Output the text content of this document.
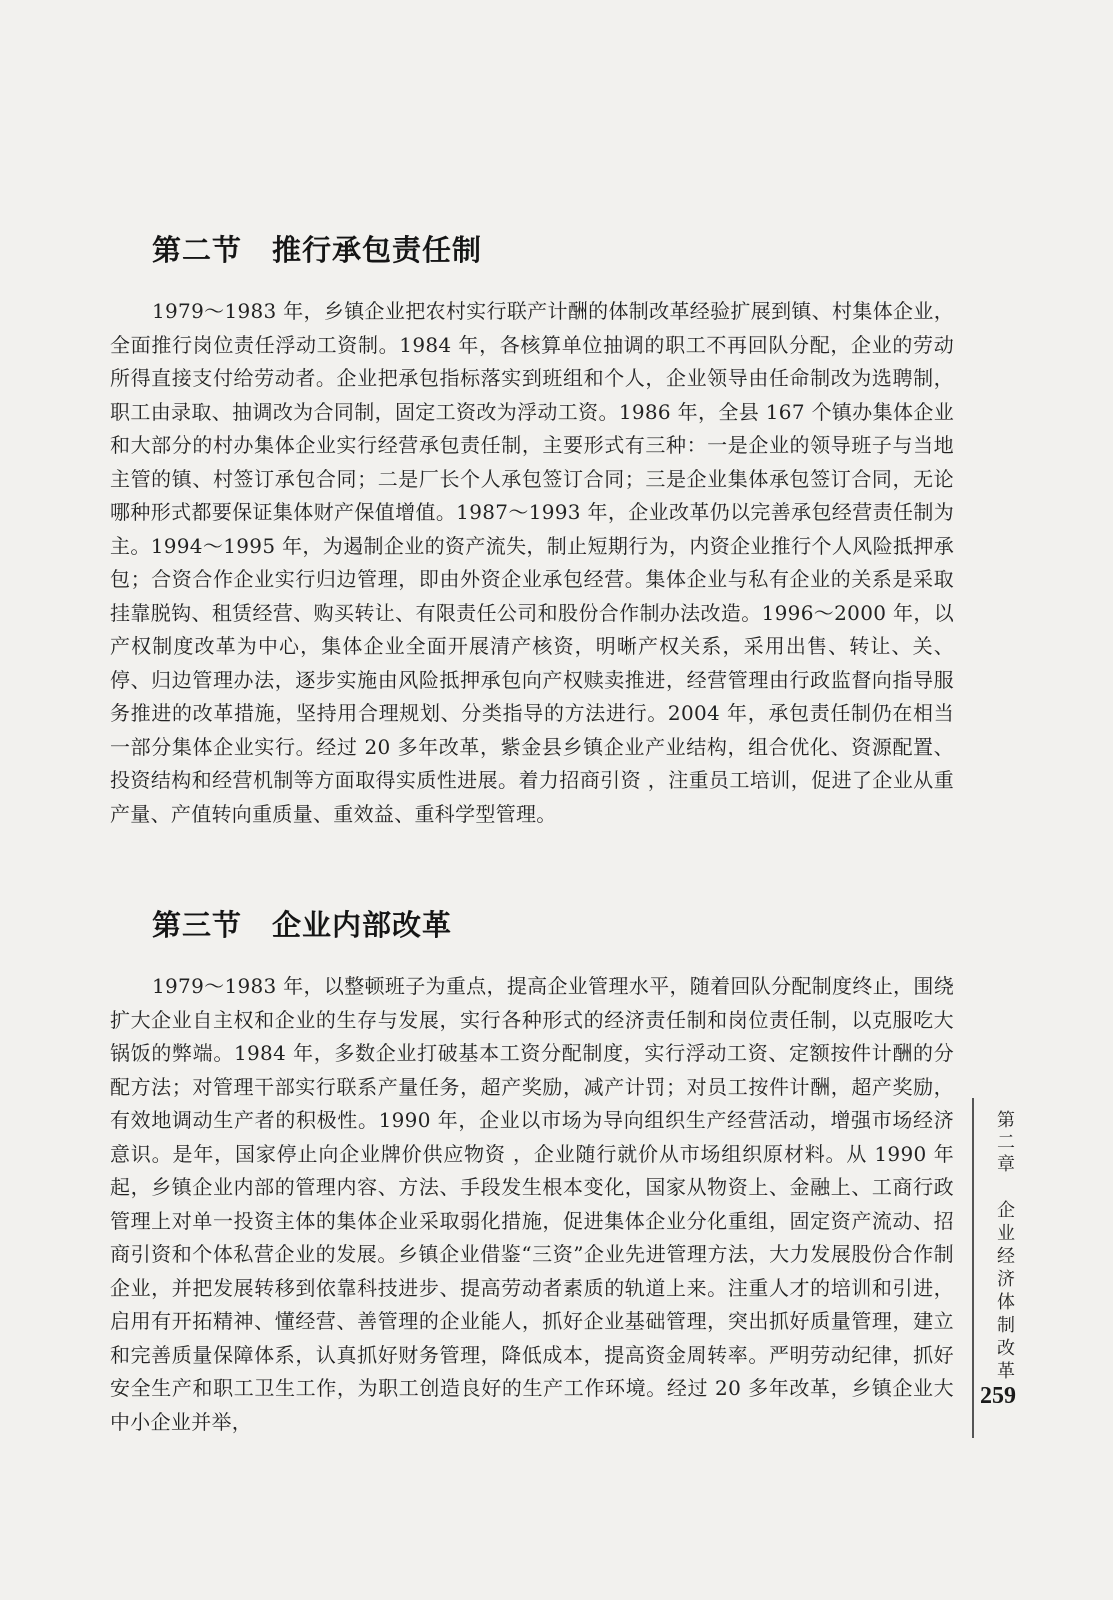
第二节 推行承包责任制

1979～1983 年，乡镇企业把农村实行联产计酬的体制改革经验扩展到镇、村集体企业，全面推行岗位责任浮动工资制。1984 年，各核算单位抽调的职工不再回队分配，企业的劳动所得直接支付给劳动者。企业把承包指标落实到班组和个人，企业领导由任命制改为选聘制，职工由录取、抽调改为合同制，固定工资改为浮动工资。1986 年，全县 167 个镇办集体企业和大部分的村办集体企业实行经营承包责任制，主要形式有三种：一是企业的领导班子与当地主管的镇、村签订承包合同；二是厂长个人承包签订合同；三是企业集体承包签订合同，无论哪种形式都要保证集体财产保值增值。1987～1993 年，企业改革仍以完善承包经营责任制为主。1994～1995 年，为遏制企业的资产流失，制止短期行为，内资企业推行个人风险抵押承包；合资合作企业实行归边管理，即由外资企业承包经营。集体企业与私有企业的关系是采取挂靠脱钩、租赁经营、购买转让、有限责任公司和股份合作制办法改造。1996～2000 年，以产权制度改革为中心，集体企业全面开展清产核资，明晰产权关系，采用出售、转让、关、停、归边管理办法，逐步实施由风险抵押承包向产权赎卖推进，经营管理由行政监督向指导服务推进的改革措施，坚持用合理规划、分类指导的方法进行。2004 年，承包责任制仍在相当一部分集体企业实行。经过 20 多年改革，紫金县乡镇企业产业结构，组合优化、资源配置、投资结构和经营机制等方面取得实质性进展。着力招商引资 ，注重员工培训，促进了企业从重产量、产值转向重质量、重效益、重科学型管理。

第三节 企业内部改革

1979～1983 年，以整顿班子为重点，提高企业管理水平，随着回队分配制度终止，围绕扩大企业自主权和企业的生存与发展，实行各种形式的经济责任制和岗位责任制，以克服吃大锅饭的弊端。1984 年，多数企业打破基本工资分配制度，实行浮动工资、定额按件计酬的分配方法；对管理干部实行联系产量任务，超产奖励，减产计罚；对员工按件计酬，超产奖励，有效地调动生产者的积极性。1990 年，企业以市场为导向组织生产经营活动，增强市场经济意识。是年，国家停止向企业牌价供应物资 ，企业随行就价从市场组织原材料。从 1990 年起，乡镇企业内部的管理内容、方法、手段发生根本变化，国家从物资上、金融上、工商行政管理上对单一投资主体的集体企业采取弱化措施，促进集体企业分化重组，固定资产流动、招商引资和个体私营企业的发展。乡镇企业借鉴“三资”企业先进管理方法，大力发展股份合作制企业，并把发展转移到依靠科技进步、提高劳动者素质的轨道上来。注重人才的培训和引进，启用有开拓精神、懂经营、善管理的企业能人，抓好企业基础管理，突出抓好质量管理，建立和完善质量保障体系，认真抓好财务管理，降低成本，提高资金周转率。严明劳动纪律，抓好安全生产和职工卫生工作，为职工创造良好的生产工作环境。经过 20 多年改革，乡镇企业大中小企业并举，

第二章
企业经济体制改革
259
